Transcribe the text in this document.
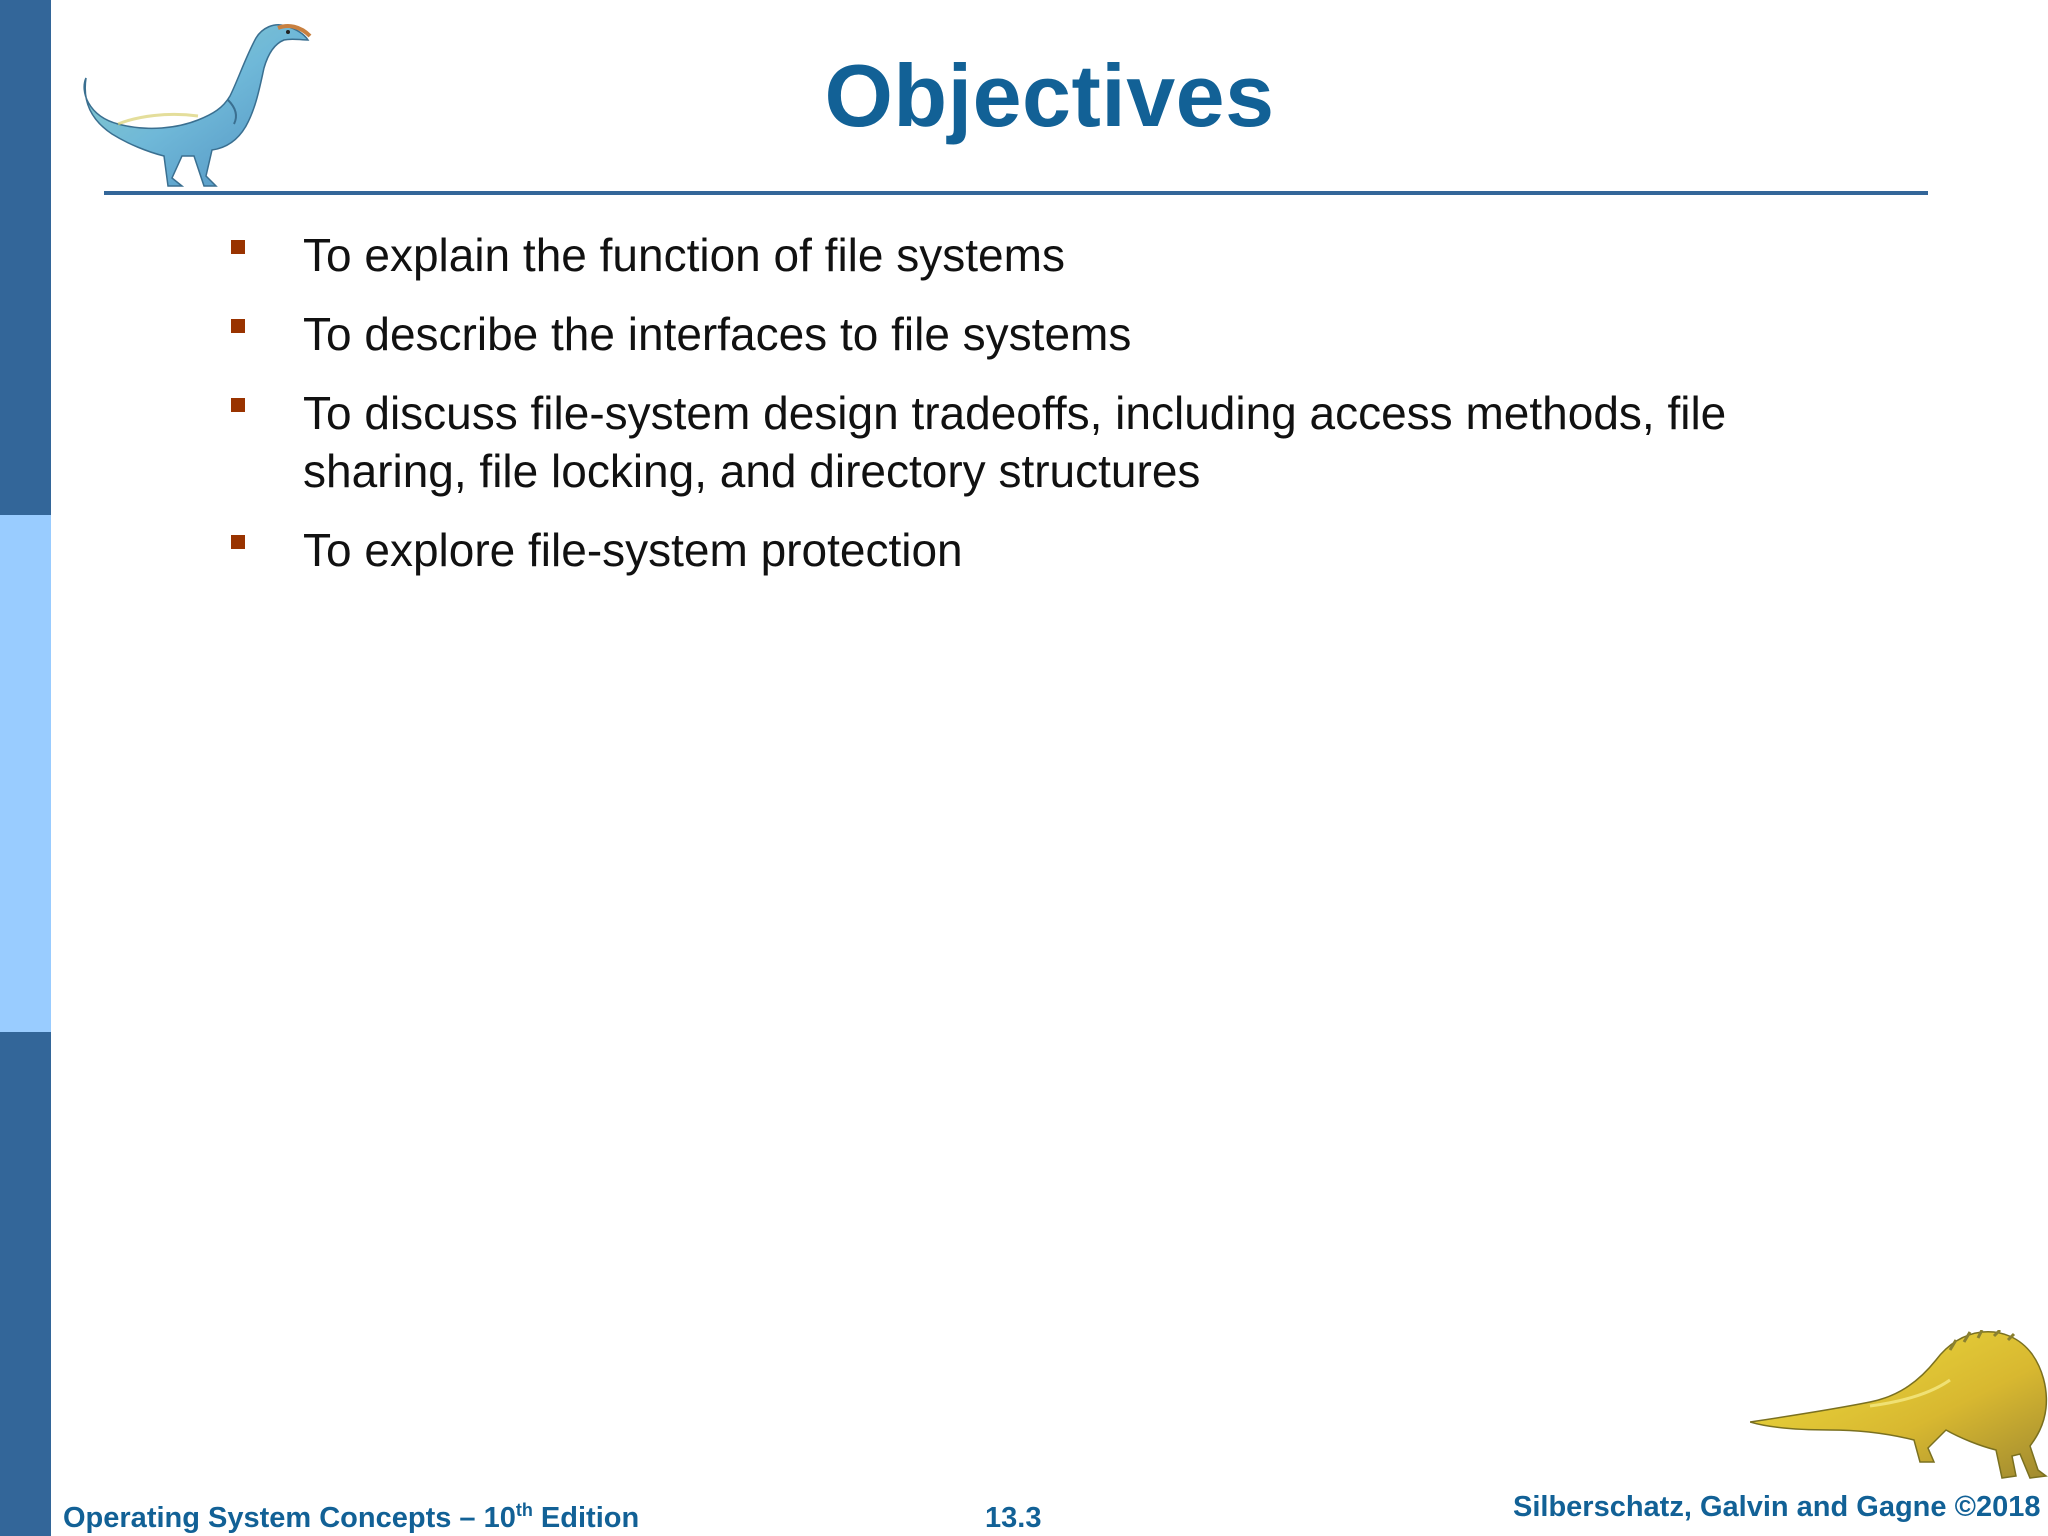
Objectives
To explain the function of file systems
To describe the interfaces to file systems
To discuss file-system design tradeoffs, including access methods, file sharing, file locking, and directory structures
To explore file-system protection
Operating System Concepts – 10th Edition	13.3	Silberschatz, Galvin and Gagne ©2018
